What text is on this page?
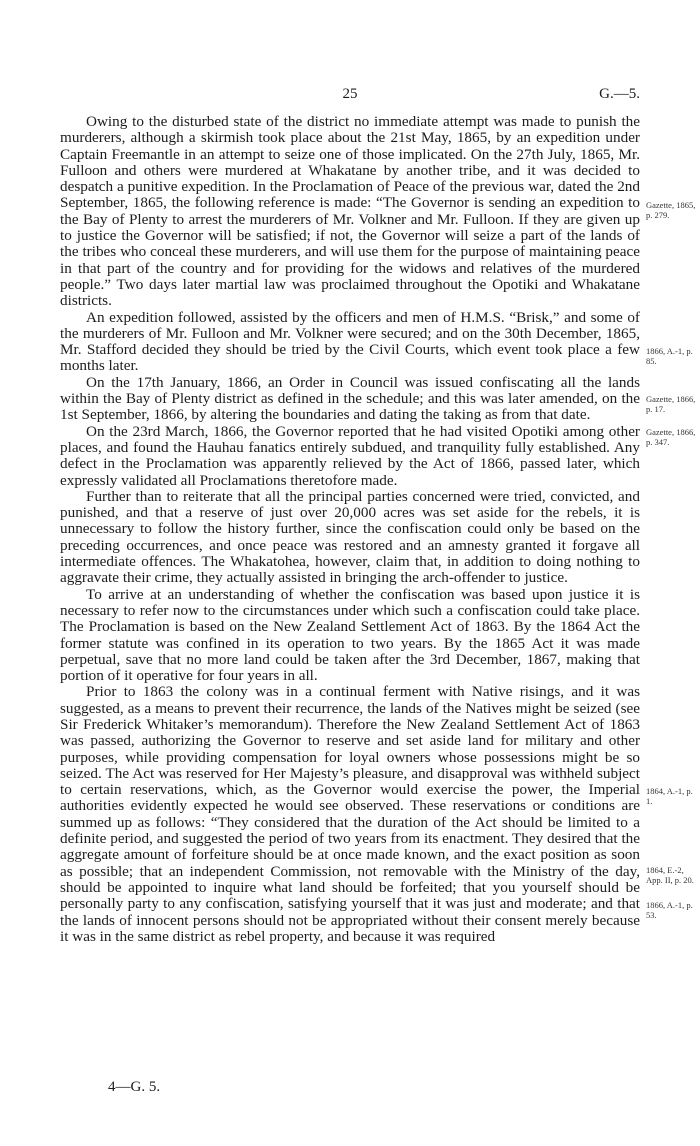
25	G.—5.

Owing to the disturbed state of the district no immediate attempt was made to punish the murderers, although a skirmish took place about the 21st May, 1865, by an expedition under Captain Freemantle in an attempt to seize one of those implicated. On the 27th July, 1865, Mr. Fulloon and others were murdered at Whakatane by another tribe, and it was decided to despatch a punitive expedition. In the Proclamation of Peace of the previous war, dated the 2nd September, 1865, the following reference is made: “The Governor is sending an expedition to the Bay of Plenty to arrest the murderers of Mr. Volkner and Mr. Fulloon. If they are given up to justice the Governor will be satisfied; if not, the Governor will seize a part of the lands of the tribes who conceal these murderers, and will use them for the purpose of maintaining peace in that part of the country and for providing for the widows and relatives of the murdered people.” Two days later martial law was proclaimed throughout the Opotiki and Whakatane districts.

An expedition followed, assisted by the officers and men of H.M.S. “Brisk,” and some of the murderers of Mr. Fulloon and Mr. Volkner were secured; and on the 30th December, 1865, Mr. Stafford decided they should be tried by the Civil Courts, which event took place a few months later.

On the 17th January, 1866, an Order in Council was issued confiscating all the lands within the Bay of Plenty district as defined in the schedule; and this was later amended, on the 1st September, 1866, by altering the boundaries and dating the taking as from that date.

On the 23rd March, 1866, the Governor reported that he had visited Opotiki among other places, and found the Hauhau fanatics entirely subdued, and tranquility fully established. Any defect in the Proclamation was apparently relieved by the Act of 1866, passed later, which expressly validated all Proclamations theretofore made.

Further than to reiterate that all the principal parties concerned were tried, convicted, and punished, and that a reserve of just over 20,000 acres was set aside for the rebels, it is unnecessary to follow the history further, since the confiscation could only be based on the preceding occurrences, and once peace was restored and an amnesty granted it forgave all intermediate offences. The Whakatohea, however, claim that, in addition to doing nothing to aggravate their crime, they actually assisted in bringing the arch-offender to justice.

To arrive at an understanding of whether the confiscation was based upon justice it is necessary to refer now to the circumstances under which such a confiscation could take place. The Proclamation is based on the New Zealand Settlement Act of 1863. By the 1864 Act the former statute was confined in its operation to two years. By the 1865 Act it was made perpetual, save that no more land could be taken after the 3rd December, 1867, making that portion of it operative for four years in all.

Prior to 1863 the colony was in a continual ferment with Native risings, and it was suggested, as a means to prevent their recurrence, the lands of the Natives might be seized (see Sir Frederick Whitaker’s memorandum). Therefore the New Zealand Settlement Act of 1863 was passed, authorizing the Governor to reserve and set aside land for military and other purposes, while providing compensation for loyal owners whose possessions might be so seized. The Act was reserved for Her Majesty’s pleasure, and disapproval was withheld subject to certain reservations, which, as the Governor would exercise the power, the Imperial authorities evidently expected he would see observed. These reservations or conditions are summed up as follows: “They considered that the duration of the Act should be limited to a definite period, and suggested the period of two years from its enactment. They desired that the aggregate amount of forfeiture should be at once made known, and the exact position as soon as possible; that an independent Commission, not removable with the Ministry of the day, should be appointed to inquire what land should be forfeited; that you yourself should be personally party to any confiscation, satisfying yourself that it was just and moderate; and that the lands of innocent persons should not be appropriated without their consent merely because it was in the same district as rebel property, and because it was required

Gazette, 1865, p. 279.
1866, A.-1, p. 85.
Gazette, 1866, p. 17.
Gazette, 1866, p. 347.
1864, A.-1, p. 1.
1864, E.-2, App. II, p. 20.
1866, A.-1, p. 53.
4—G. 5.
